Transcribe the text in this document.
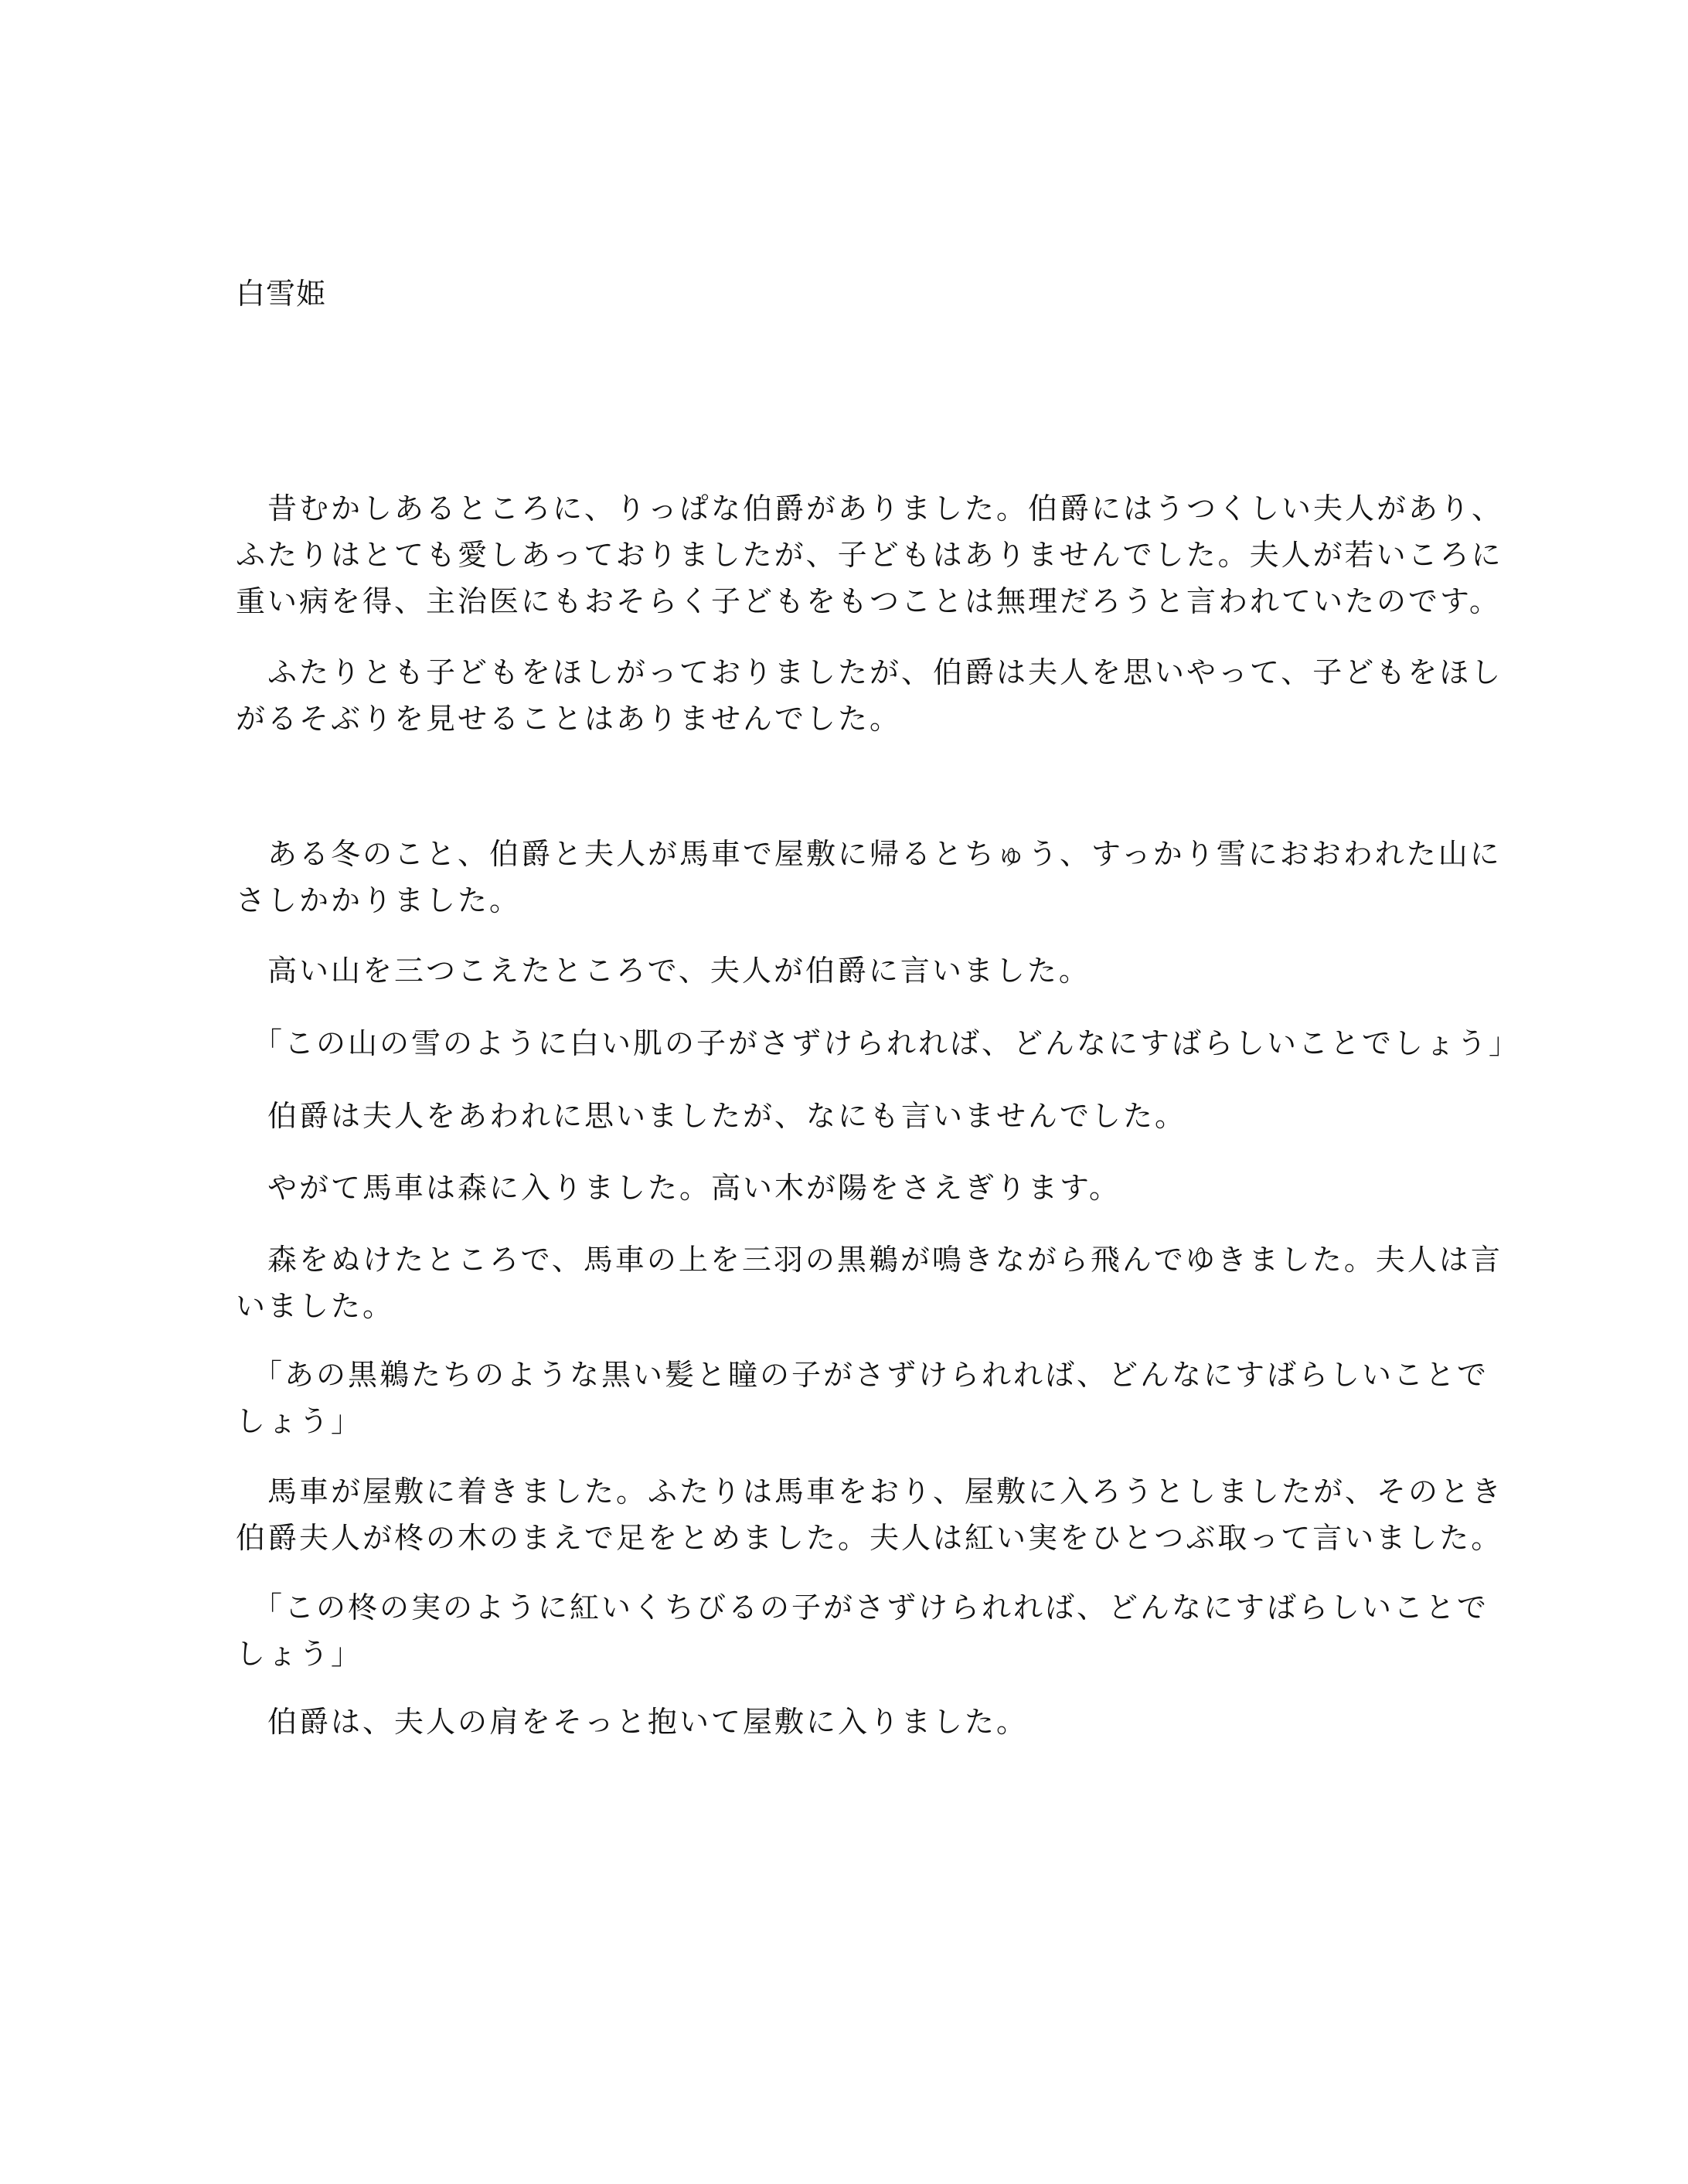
白雪姫

　昔むかしあるところに、りっぱな伯爵がありました。伯爵にはうつくしい夫人があり、
ふたりはとても愛しあっておりましたが、子どもはありませんでした。夫人が若いころに
重い病を得、主治医にもおそらく子どもをもつことは無理だろうと言われていたのです。

　ふたりとも子どもをほしがっておりましたが、伯爵は夫人を思いやって、子どもをほし
がるそぶりを見せることはありませんでした。

　ある冬のこと、伯爵と夫人が馬車で屋敷に帰るとちゅう、すっかり雪におおわれた山に
さしかかりました。

　高い山を三つこえたところで、夫人が伯爵に言いました。

　「この山の雪のように白い肌の子がさずけられれば、どんなにすばらしいことでしょう」

　伯爵は夫人をあわれに思いましたが、なにも言いませんでした。

　やがて馬車は森に入りました。高い木が陽をさえぎります。

　森をぬけたところで、馬車の上を三羽の黒鵜が鳴きながら飛んでゆきました。夫人は言
いました。

　「あの黒鵜たちのような黒い髪と瞳の子がさずけられれば、どんなにすばらしいことで
しょう」

　馬車が屋敷に着きました。ふたりは馬車をおり、屋敷に入ろうとしましたが、そのとき
伯爵夫人が柊の木のまえで足をとめました。夫人は紅い実をひとつぶ取って言いました。

　「この柊の実のように紅いくちびるの子がさずけられれば、どんなにすばらしいことで
しょう」

　伯爵は、夫人の肩をそっと抱いて屋敷に入りました。
